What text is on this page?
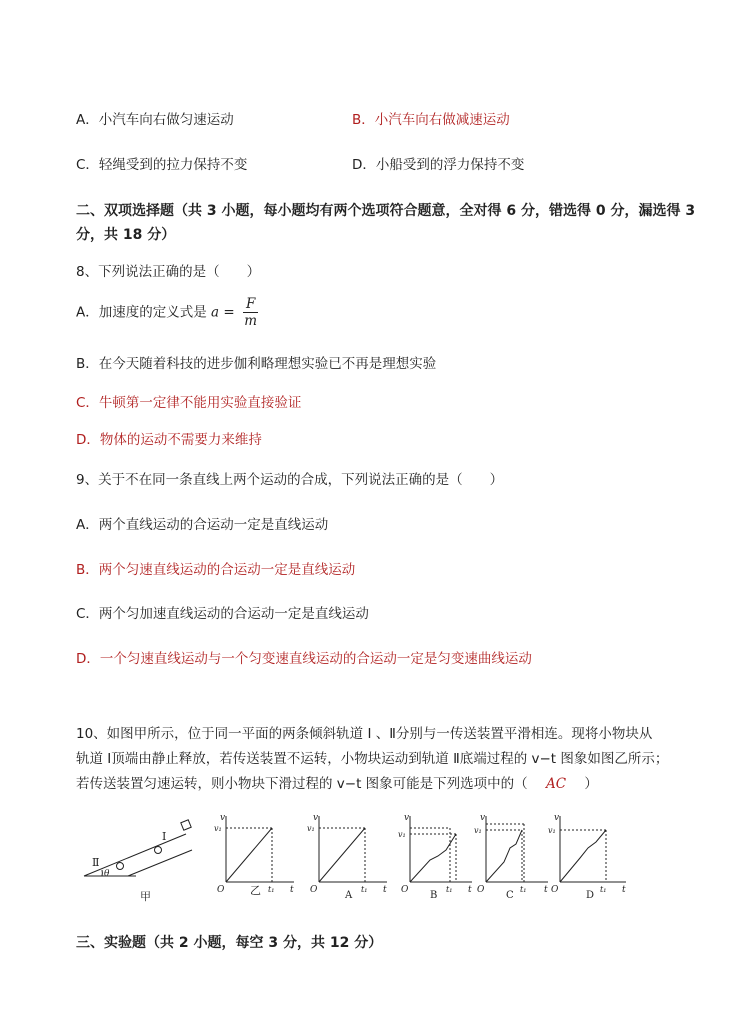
A．小汽车向右做匀速运动	B．小汽车向右做减速运动
C．轻绳受到的拉力保持不变	D．小船受到的浮力保持不变
二、双项选择题（共 3 小题，每小题均有两个选项符合题意，全对得 6 分，错选得 0 分，漏选得 3
分，共 18 分）
8、下列说法正确的是（　　）
A．加速度的定义式是 $a = \frac{F}{m}$
B．在今天随着科技的进步伽利略理想实验已不再是理想实验
C．牛顿第一定律不能用实验直接验证
D．物体的运动不需要力来维持
9、关于不在同一条直线上两个运动的合成，下列说法正确的是（　　）
A．两个直线运动的合运动一定是直线运动
B．两个匀速直线运动的合运动一定是直线运动
C．两个匀加速直线运动的合运动一定是直线运动
D．一个匀速直线运动与一个匀变速直线运动的合运动一定是匀变速曲线运动
10、如图甲所示，位于同一平面的两条倾斜轨道 Ⅰ 、Ⅱ分别与一传送装置平滑相连。现将小物块从
轨道 Ⅰ顶端由静止释放，若传送装置不运转，小物块运动到轨道 Ⅱ底端过程的 v−t 图象如图乙所示；
若传送装置匀速运转，则小物块下滑过程的 v−t 图象可能是下列选项中的（ AC ）
Ⅰ
Ⅱ
θ
甲
v
v₁
O	t₁ t
乙
v
v₁
O	t₁ t
A
v
v₁
O	t₁ t
B
v
v₁
O	t₁ t
C
v
v₁
O	t₁ t
D
三、实验题（共 2 小题，每空 3 分，共 12 分）
